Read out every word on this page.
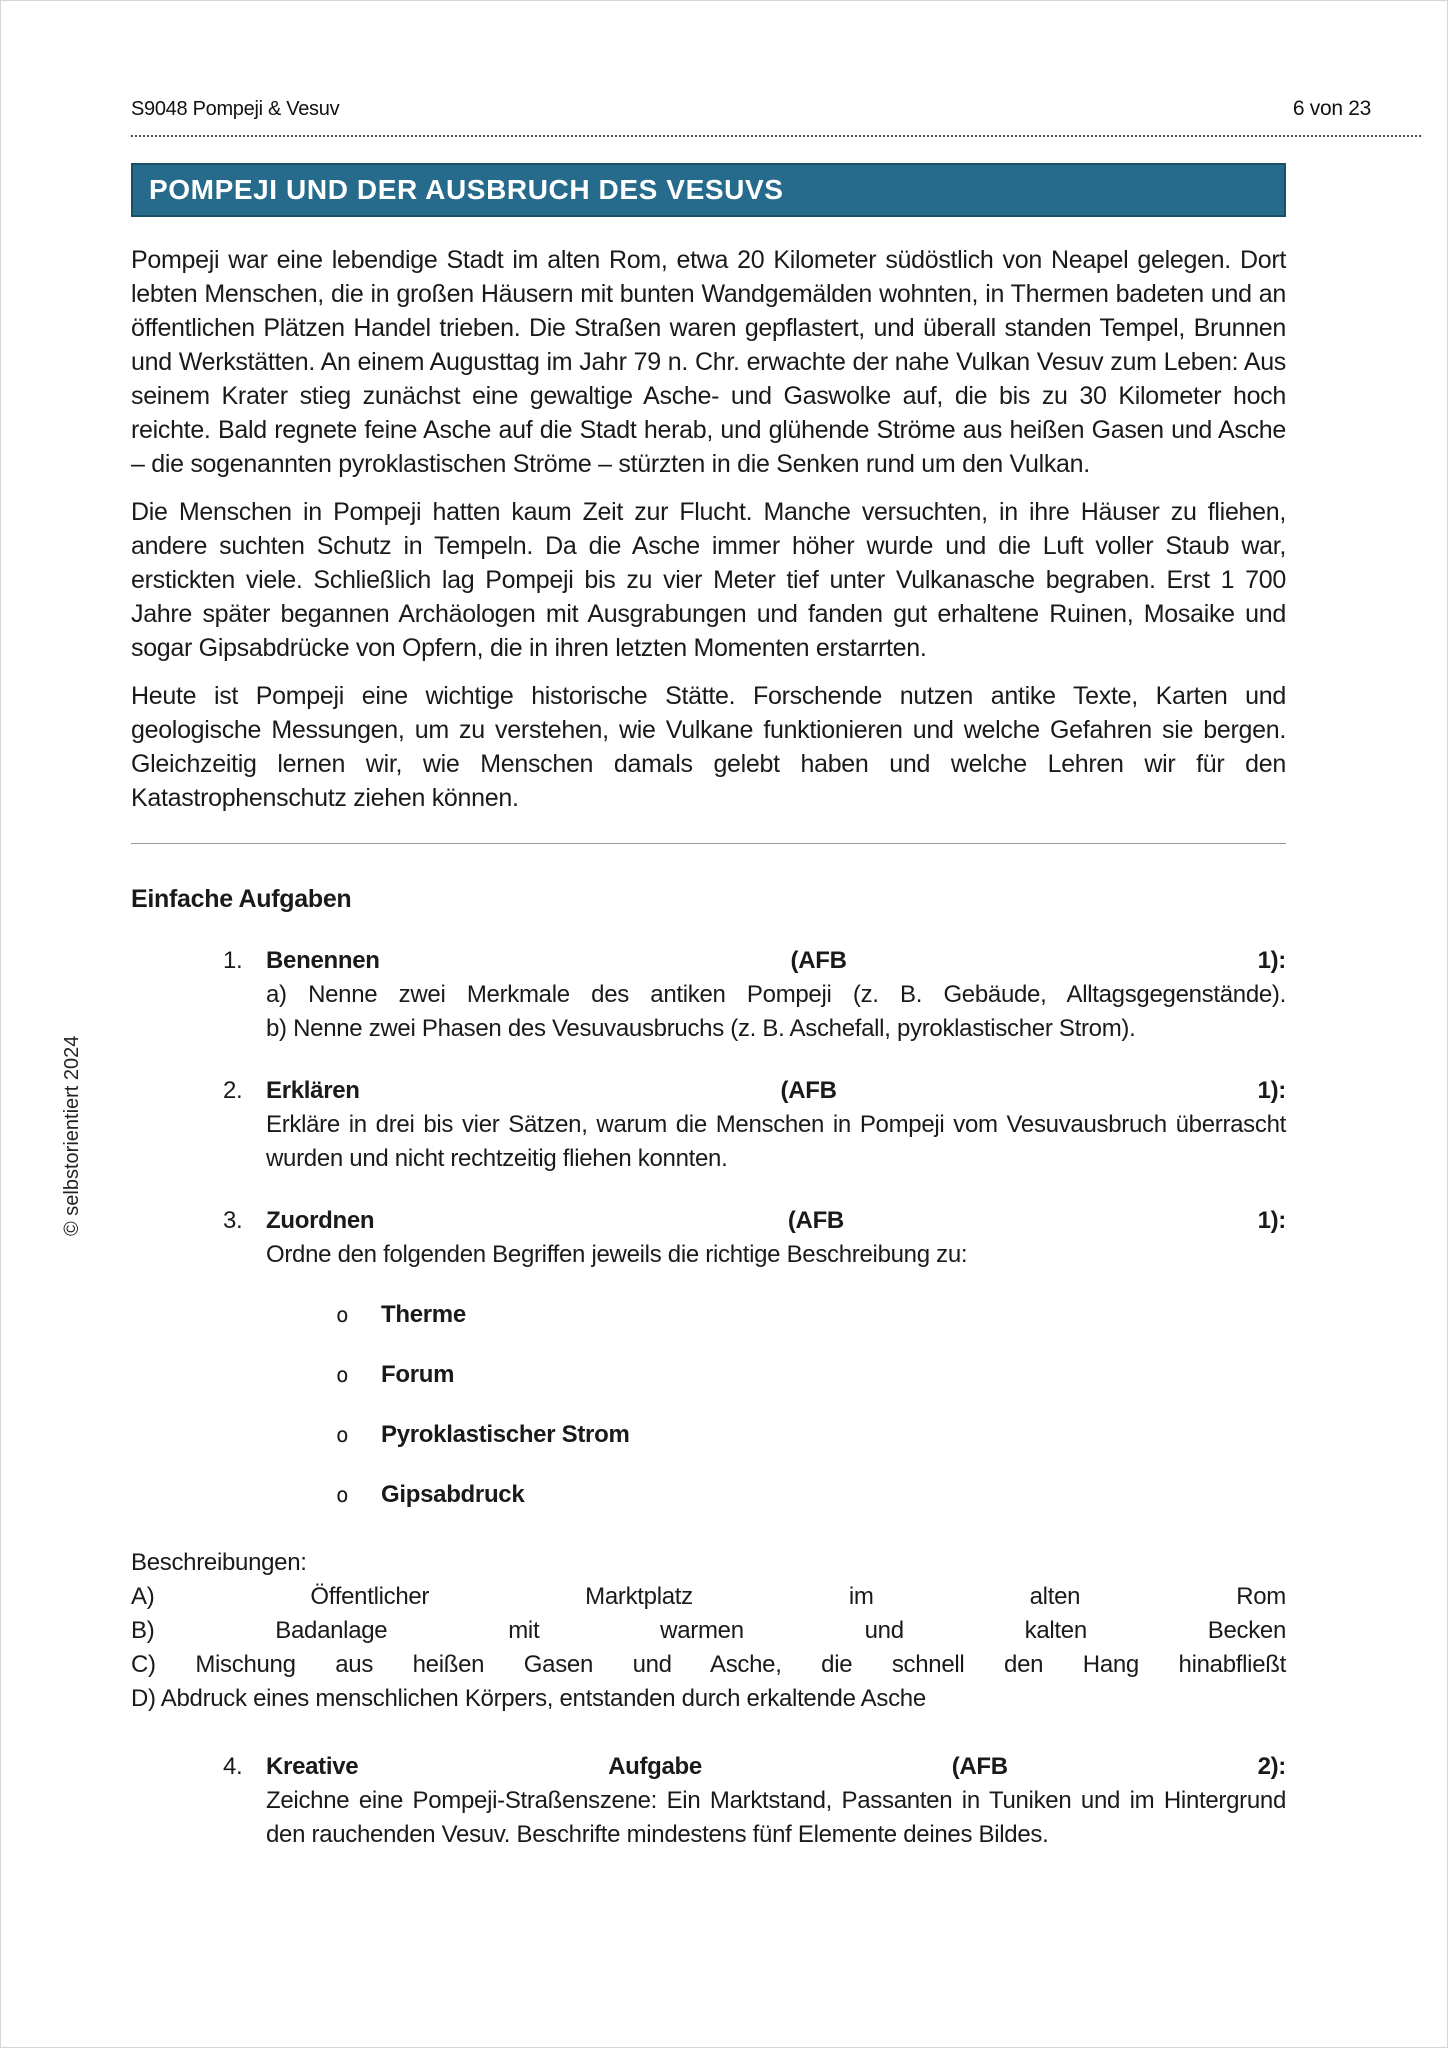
© selbstorientiert 2024
S9048 Pompeji & Vesuv	6 von 23
POMPEJI UND DER AUSBRUCH DES VESUVS

Pompeji war eine lebendige Stadt im alten Rom, etwa 20 Kilometer südöstlich von Neapel gelegen. Dort lebten Menschen, die in großen Häusern mit bunten Wandgemälden wohnten, in Thermen badeten und an öffentlichen Plätzen Handel trieben. Die Straßen waren gepflastert, und überall standen Tempel, Brunnen und Werkstätten. An einem Augusttag im Jahr 79 n. Chr. erwachte der nahe Vulkan Vesuv zum Leben: Aus seinem Krater stieg zunächst eine gewaltige Asche- und Gaswolke auf, die bis zu 30 Kilometer hoch reichte. Bald regnete feine Asche auf die Stadt herab, und glühende Ströme aus heißen Gasen und Asche – die sogenannten pyroklastischen Ströme – stürzten in die Senken rund um den Vulkan.

Die Menschen in Pompeji hatten kaum Zeit zur Flucht. Manche versuchten, in ihre Häuser zu fliehen, andere suchten Schutz in Tempeln. Da die Asche immer höher wurde und die Luft voller Staub war, erstickten viele. Schließlich lag Pompeji bis zu vier Meter tief unter Vulkanasche begraben. Erst 1 700 Jahre später begannen Archäologen mit Ausgrabungen und fanden gut erhaltene Ruinen, Mosaike und sogar Gipsabdrücke von Opfern, die in ihren letzten Momenten erstarrten.

Heute ist Pompeji eine wichtige historische Stätte. Forschende nutzen antike Texte, Karten und geologische Messungen, um zu verstehen, wie Vulkane funktionieren und welche Gefahren sie bergen. Gleichzeitig lernen wir, wie Menschen damals gelebt haben und welche Lehren wir für den Katastrophenschutz ziehen können.

Einfache Aufgaben
1. Benennen	(AFB	1):
a) Nenne zwei Merkmale des antiken Pompeji (z. B. Gebäude, Alltagsgegenstände).
b) Nenne zwei Phasen des Vesuvausbruchs (z. B. Aschefall, pyroklastischer Strom).
2. Erklären	(AFB	1):
Erkläre in drei bis vier Sätzen, warum die Menschen in Pompeji vom Vesuvausbruch überrascht wurden und nicht rechtzeitig fliehen konnten.
3. Zuordnen	(AFB	1):
Ordne den folgenden Begriffen jeweils die richtige Beschreibung zu:
o	Therme
o	Forum
o	Pyroklastischer Strom
o	Gipsabdruck
Beschreibungen:
A) Öffentlicher Marktplatz im alten Rom
B) Badanlage mit warmen und kalten Becken
C) Mischung aus heißen Gasen und Asche, die schnell den Hang hinabfließt
D) Abdruck eines menschlichen Körpers, entstanden durch erkaltende Asche
4. Kreative	Aufgabe	(AFB	2):
Zeichne eine Pompeji-Straßenszene: Ein Marktstand, Passanten in Tuniken und im Hintergrund den rauchenden Vesuv. Beschrifte mindestens fünf Elemente deines Bildes.
